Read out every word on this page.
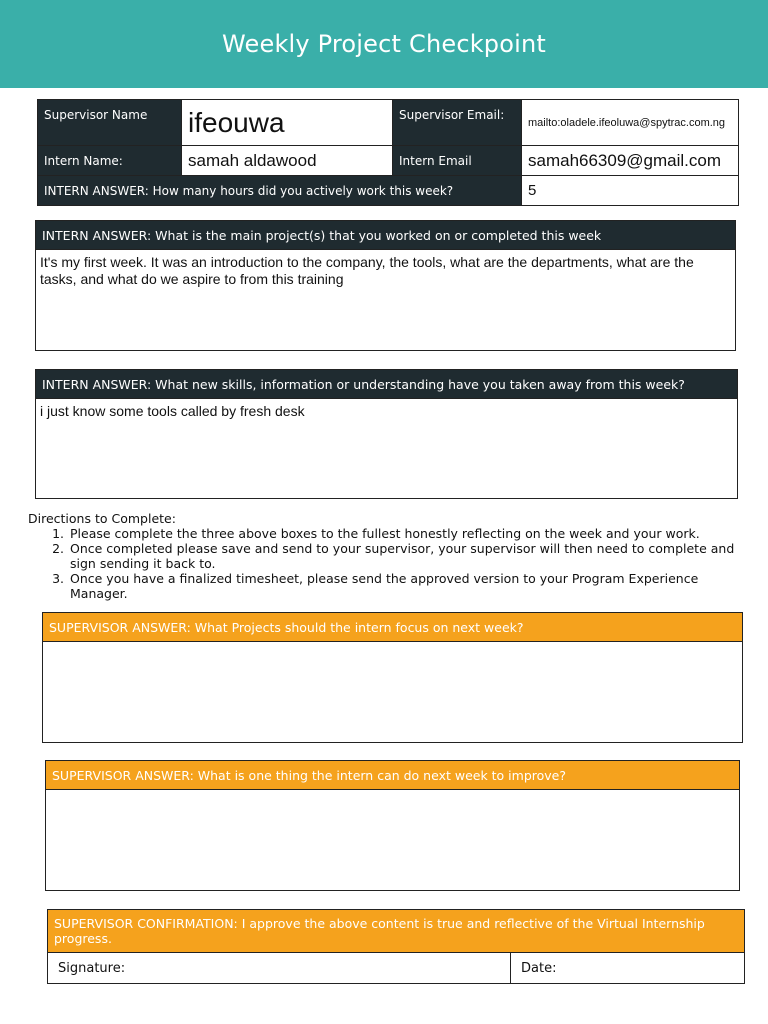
Weekly Project Checkpoint
Supervisor Name	ifeouwa	Supervisor Email:	mailto:oladele.ifeoluwa@spytrac.com.ng
Intern Name:	samah aldawood	Intern Email	samah66309@gmail.com
INTERN ANSWER: How many hours did you actively work this week?			5
INTERN ANSWER: What is the main project(s) that you worked on or completed this week
It's my first week. It was an introduction to the company, the tools, what are the departments, what are the tasks, and what do we aspire to from this training
INTERN ANSWER: What new skills, information or understanding have you taken away from this week?
i just know some tools called by fresh desk
Directions to Complete:
1. Please complete the three above boxes to the fullest honestly reflecting on the week and your work.
2. Once completed please save and send to your supervisor, your supervisor will then need to complete and sign sending it back to.
3. Once you have a finalized timesheet, please send the approved version to your Program Experience Manager.
SUPERVISOR ANSWER: What Projects should the intern focus on next week?
SUPERVISOR ANSWER: What is one thing the intern can do next week to improve?
SUPERVISOR CONFIRMATION: I approve the above content is true and reflective of the Virtual Internship progress.
Signature:	Date:
